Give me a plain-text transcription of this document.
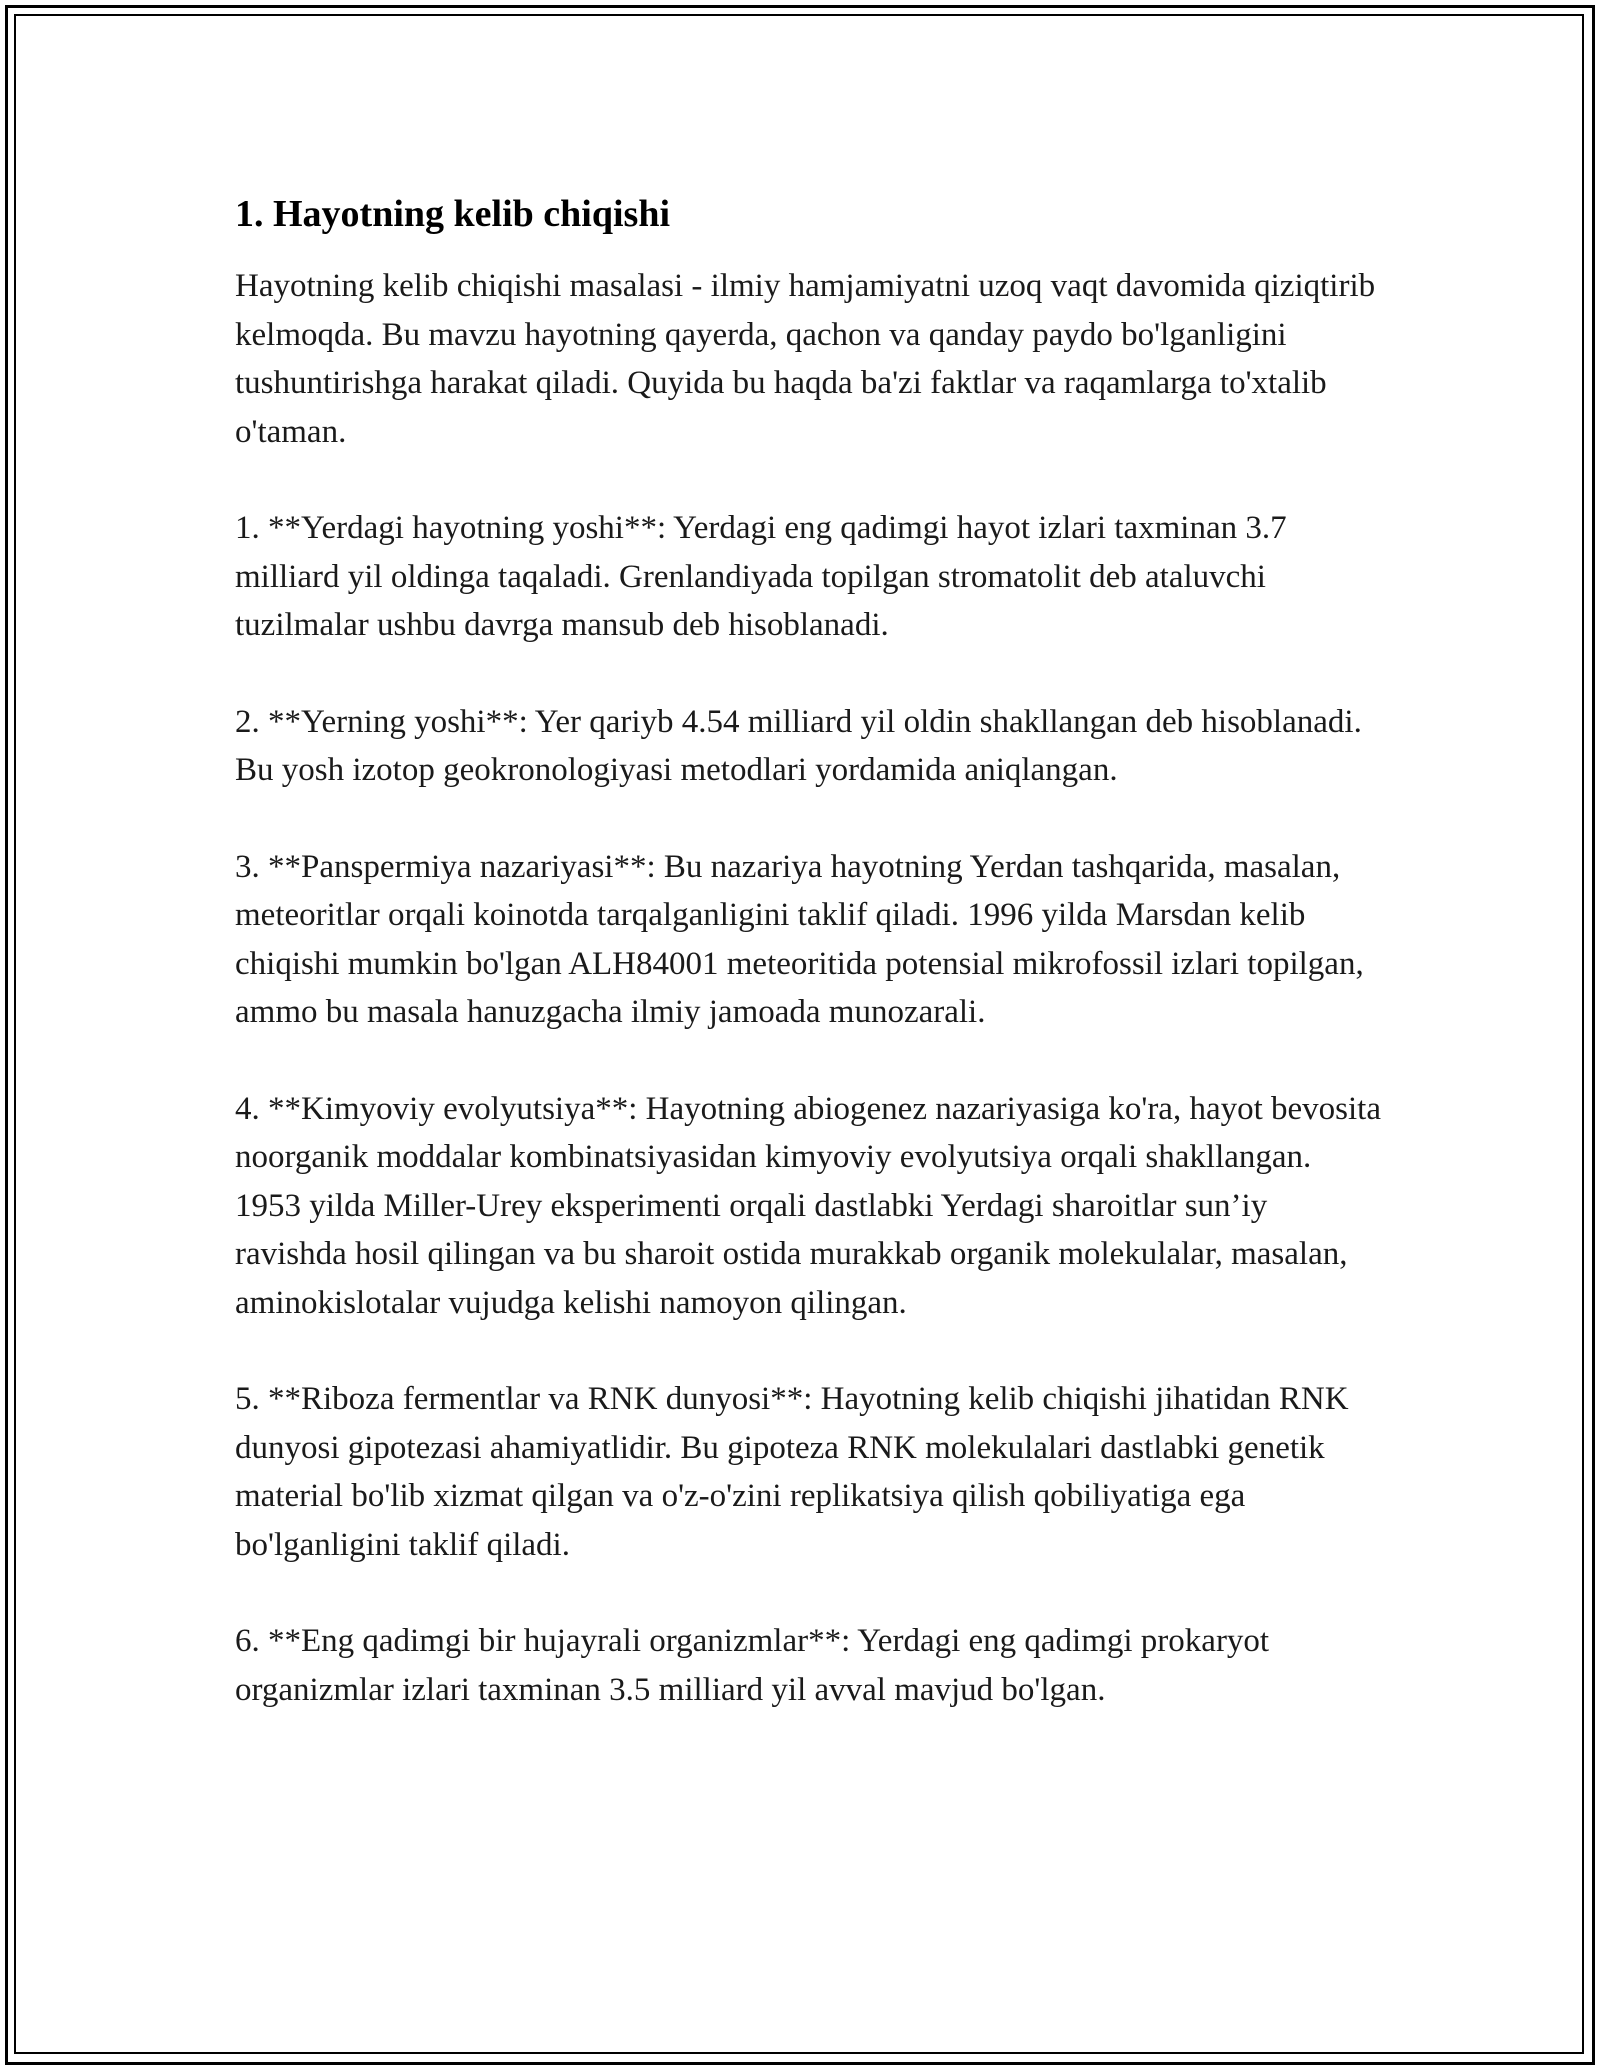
1. Hayotning kelib chiqishi

Hayotning kelib chiqishi masalasi - ilmiy hamjamiyatni uzoq vaqt davomida qiziqtirib kelmoqda. Bu mavzu hayotning qayerda, qachon va qanday paydo bo'lganligini tushuntirishga harakat qiladi. Quyida bu haqda ba'zi faktlar va raqamlarga to'xtalib o'taman.

1. **Yerdagi hayotning yoshi**: Yerdagi eng qadimgi hayot izlari taxminan 3.7 milliard yil oldinga taqaladi. Grenlandiyada topilgan stromatolit deb ataluvchi tuzilmalar ushbu davrga mansub deb hisoblanadi.

2. **Yerning yoshi**: Yer qariyb 4.54 milliard yil oldin shakllangan deb hisoblanadi. Bu yosh izotop geokronologiyasi metodlari yordamida aniqlangan.

3. **Panspermiya nazariyasi**: Bu nazariya hayotning Yerdan tashqarida, masalan, meteoritlar orqali koinotda tarqalganligini taklif qiladi. 1996 yilda Marsdan kelib chiqishi mumkin bo'lgan ALH84001 meteoritida potensial mikrofossil izlari topilgan, ammo bu masala hanuzgacha ilmiy jamoada munozarali.

4. **Kimyoviy evolyutsiya**: Hayotning abiogenez nazariyasiga ko'ra, hayot bevosita noorganik moddalar kombinatsiyasidan kimyoviy evolyutsiya orqali shakllangan. 1953 yilda Miller-Urey eksperimenti orqali dastlabki Yerdagi sharoitlar sun’iy ravishda hosil qilingan va bu sharoit ostida murakkab organik molekulalar, masalan, aminokislotalar vujudga kelishi namoyon qilingan.

5. **Riboza fermentlar va RNK dunyosi**: Hayotning kelib chiqishi jihatidan RNK dunyosi gipotezasi ahamiyatlidir. Bu gipoteza RNK molekulalari dastlabki genetik material bo'lib xizmat qilgan va o'z-o'zini replikatsiya qilish qobiliyatiga ega bo'lganligini taklif qiladi.

6. **Eng qadimgi bir hujayrali organizmlar**: Yerdagi eng qadimgi prokaryot organizmlar izlari taxminan 3.5 milliard yil avval mavjud bo'lgan.
